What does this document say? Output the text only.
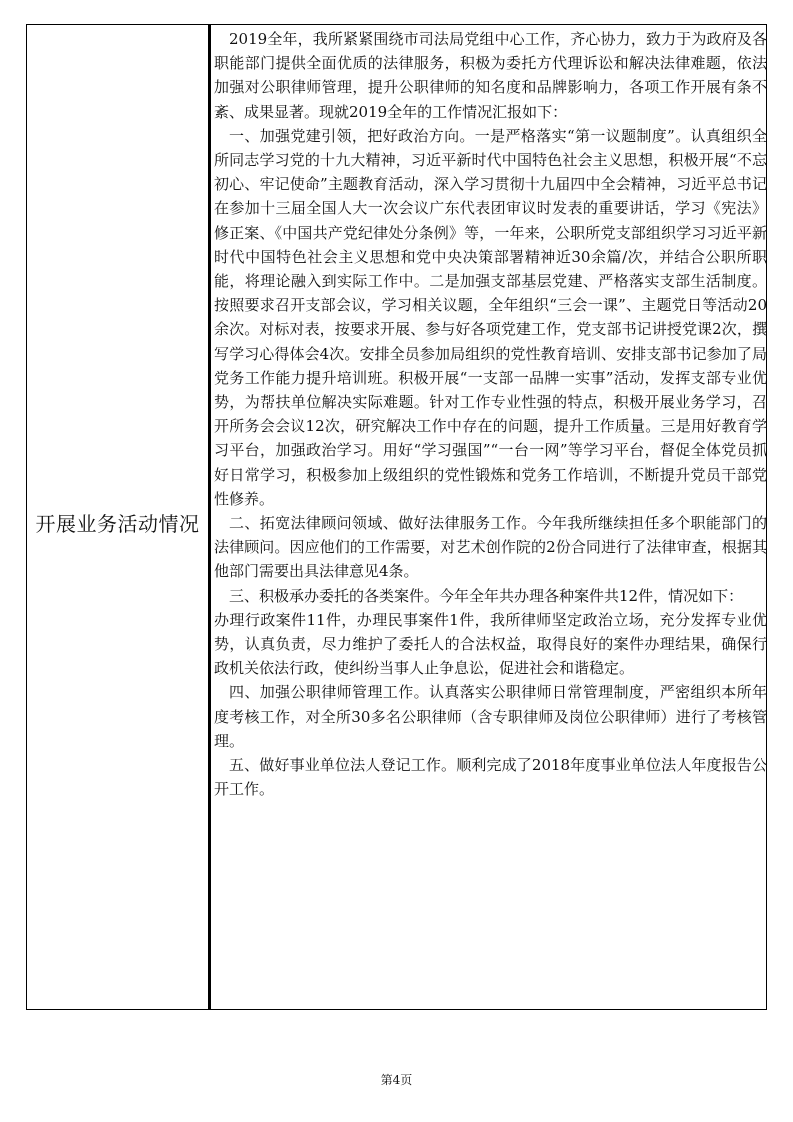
开展业务活动情况

2019全年，我所紧紧围绕市司法局党组中心工作，齐心协力，致力于为政府及各职能部门提供全面优质的法律服务，积极为委托方代理诉讼和解决法律难题，依法加强对公职律师管理，提升公职律师的知名度和品牌影响力，各项工作开展有条不紊、成果显著。现就2019全年的工作情况汇报如下：

一、加强党建引领，把好政治方向。一是严格落实“第一议题制度”。认真组织全所同志学习党的十九大精神，习近平新时代中国特色社会主义思想，积极开展“不忘初心、牢记使命”主题教育活动，深入学习贯彻十九届四中全会精神，习近平总书记在参加十三届全国人大一次会议广东代表团审议时发表的重要讲话，学习《宪法》修正案、《中国共产党纪律处分条例》等，一年来，公职所党支部组织学习习近平新时代中国特色社会主义思想和党中央决策部署精神近30余篇/次，并结合公职所职能，将理论融入到实际工作中。二是加强支部基层党建、严格落实支部生活制度。按照要求召开支部会议，学习相关议题，全年组织“三会一课”、主题党日等活动20余次。对标对表，按要求开展、参与好各项党建工作，党支部书记讲授党课2次，撰写学习心得体会4次。安排全员参加局组织的党性教育培训、安排支部书记参加了局党务工作能力提升培训班。积极开展“一支部一品牌一实事”活动，发挥支部专业优势，为帮扶单位解决实际难题。针对工作专业性强的特点，积极开展业务学习，召开所务会会议12次，研究解决工作中存在的问题，提升工作质量。三是用好教育学习平台，加强政治学习。用好“学习强国”“一台一网”等学习平台，督促全体党员抓好日常学习，积极参加上级组织的党性锻炼和党务工作培训，不断提升党员干部党性修养。

二、拓宽法律顾问领域、做好法律服务工作。今年我所继续担任多个职能部门的法律顾问。因应他们的工作需要，对艺术创作院的2份合同进行了法律审查，根据其他部门需要出具法律意见4条。

三、积极承办委托的各类案件。今年全年共办理各种案件共12件，情况如下：

办理行政案件11件，办理民事案件1件，我所律师坚定政治立场，充分发挥专业优势，认真负责，尽力维护了委托人的合法权益，取得良好的案件办理结果，确保行政机关依法行政，使纠纷当事人止争息讼，促进社会和谐稳定。

四、加强公职律师管理工作。认真落实公职律师日常管理制度，严密组织本所年度考核工作，对全所30多名公职律师（含专职律师及岗位公职律师）进行了考核管理。

五、做好事业单位法人登记工作。顺利完成了2018年度事业单位法人年度报告公开工作。

第4页
